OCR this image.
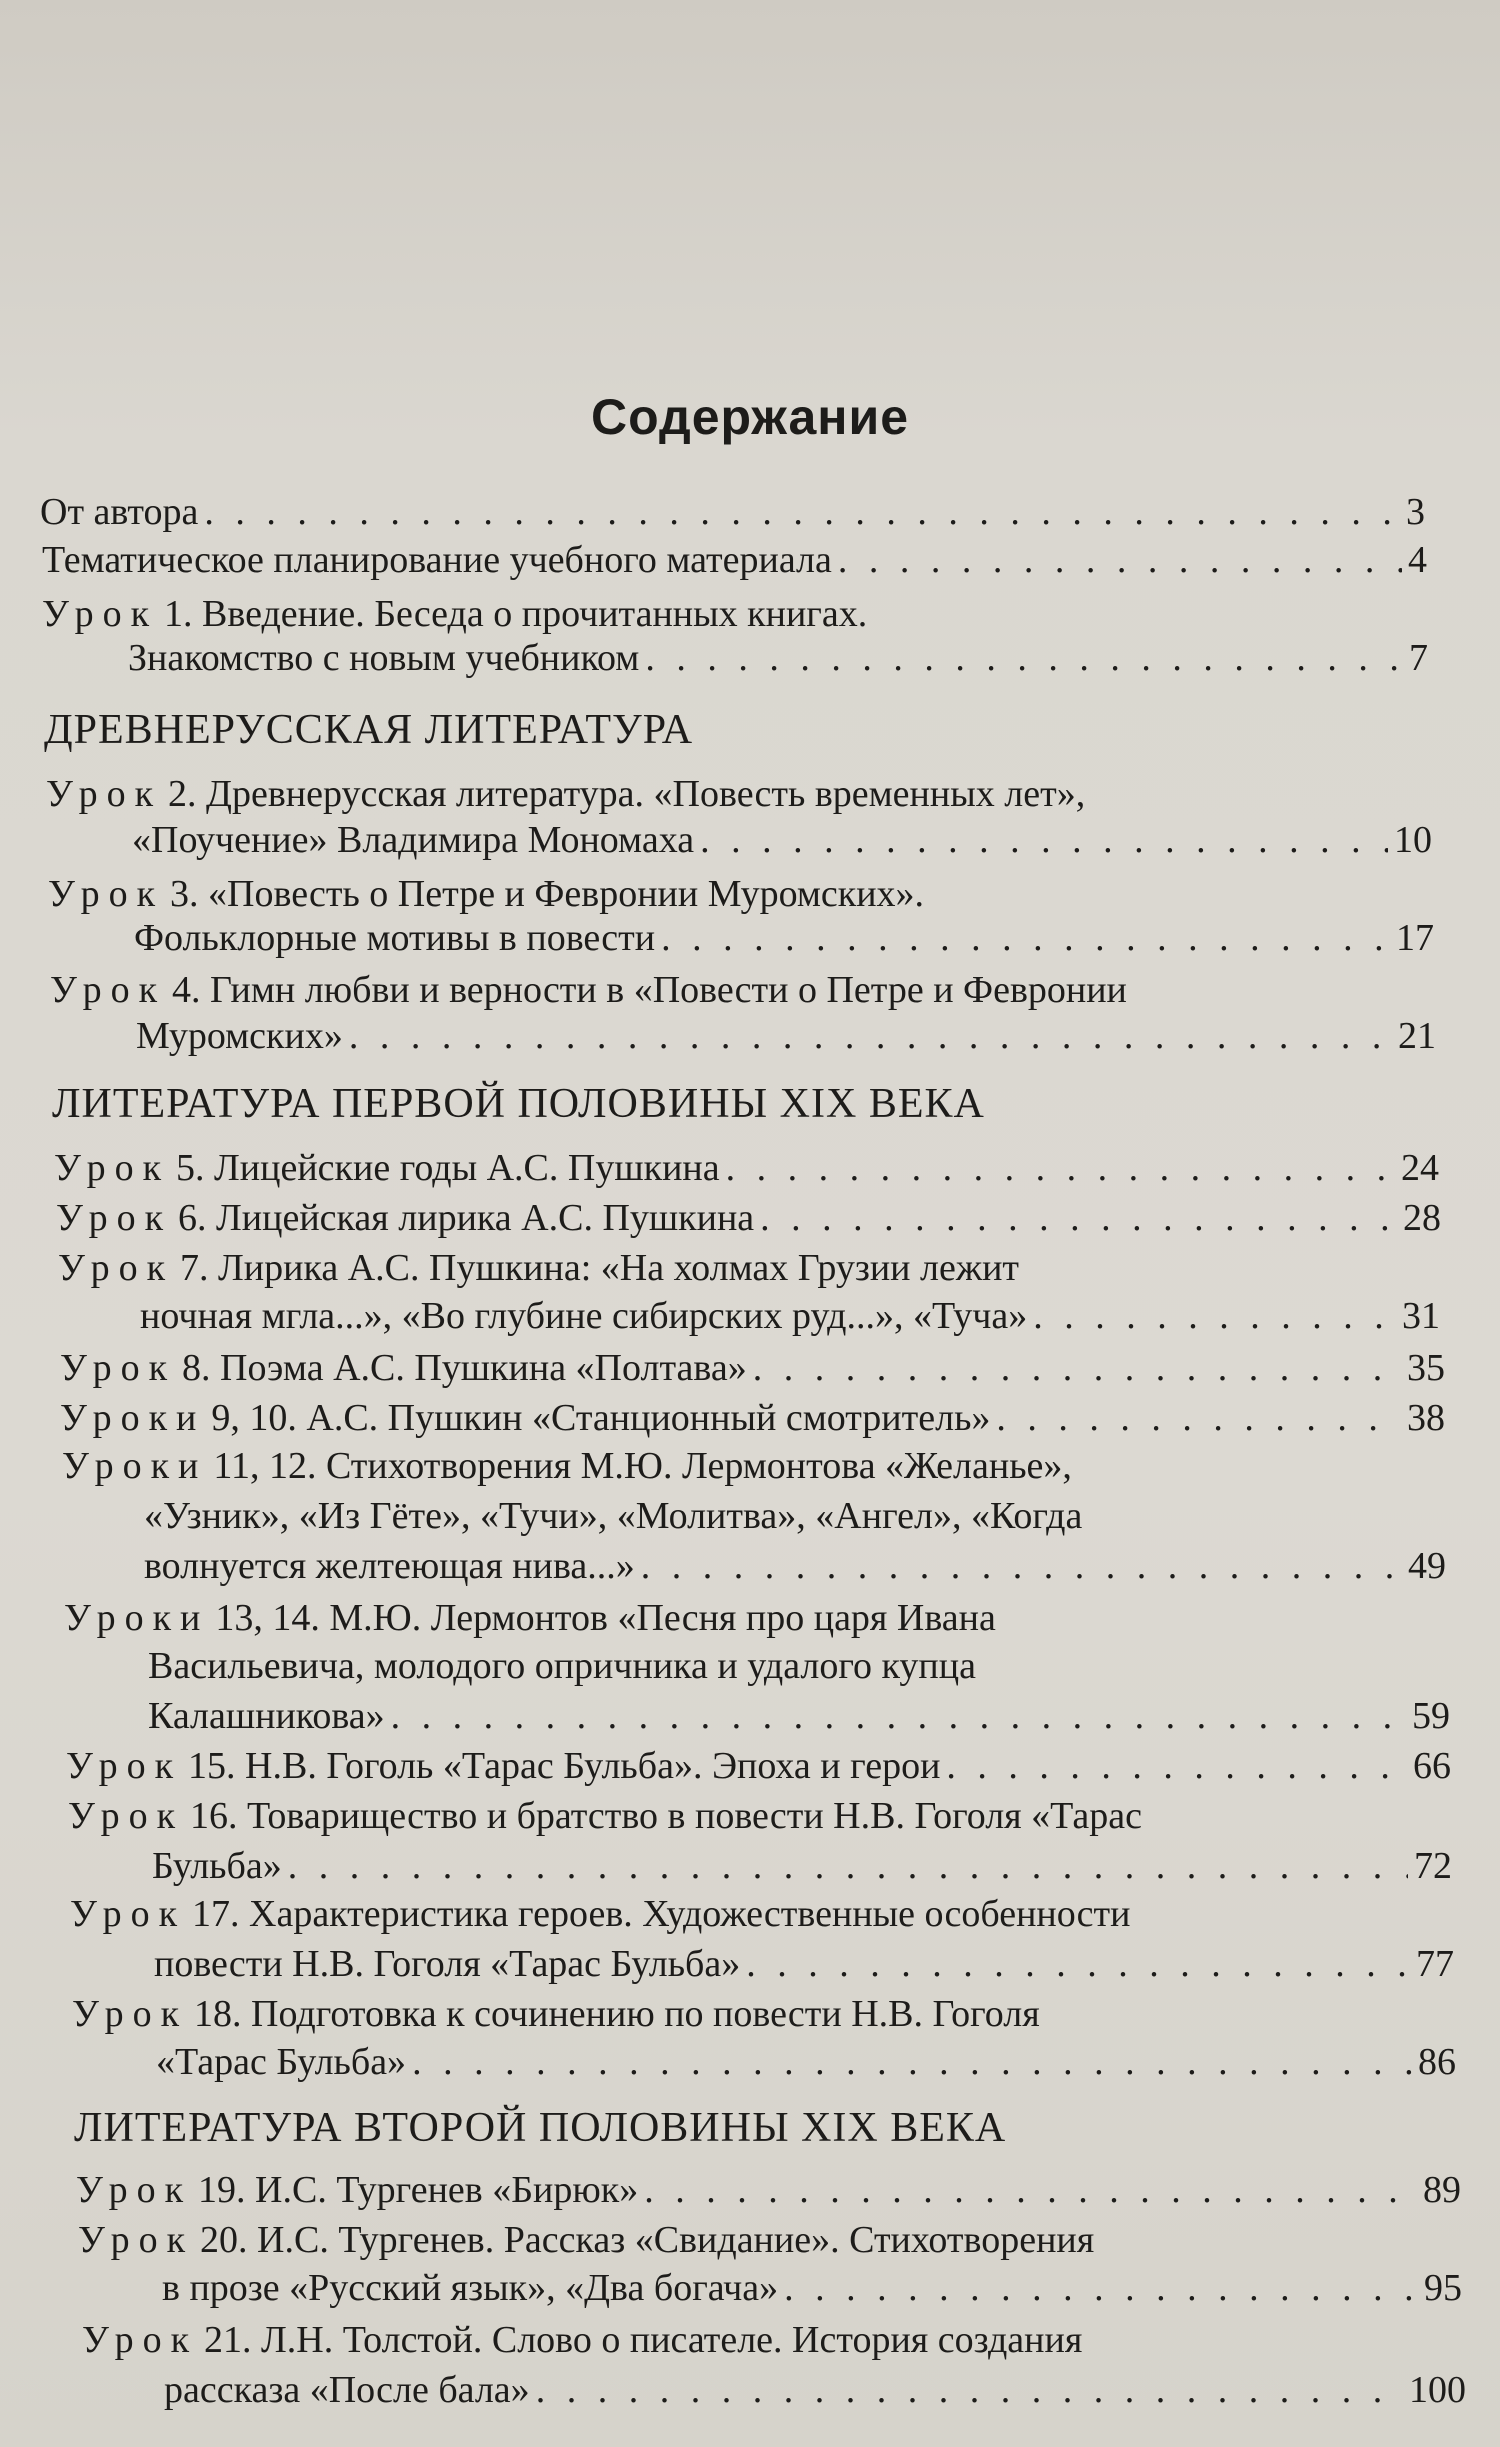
Содержание
От автора . . .	3
Тематическое планирование учебного материала . . .	4
Урок 1. Введение. Беседа о прочитанных книгах.
Знакомство с новым учебником . . .	7
ДРЕВНЕРУССКАЯ ЛИТЕРАТУРА
Урок 2. Древнерусская литература. «Повесть временных лет»,
«Поучение» Владимира Мономаха . . .	10
Урок 3. «Повесть о Петре и Февронии Муромских».
Фольклорные мотивы в повести . . .	17
Урок 4. Гимн любви и верности в «Повести о Петре и Февронии
Муромских» . . .	21
ЛИТЕРАТУРА ПЕРВОЙ ПОЛОВИНЫ XIX ВЕКА
Урок 5. Лицейские годы А.С. Пушкина . . .	24
Урок 6. Лицейская лирика А.С. Пушкина . . .	28
Урок 7. Лирика А.С. Пушкина: «На холмах Грузии лежит
ночная мгла...», «Во глубине сибирских руд...», «Туча» . . .	31
Урок 8. Поэма А.С. Пушкина «Полтава» . . .	35
Уроки 9, 10. А.С. Пушкин «Станционный смотритель» . . .	38
Уроки 11, 12. Стихотворения М.Ю. Лермонтова «Желанье»,
«Узник», «Из Гёте», «Тучи», «Молитва», «Ангел», «Когда
волнуется желтеющая нива...» . . .	49
Уроки 13, 14. М.Ю. Лермонтов «Песня про царя Ивана
Васильевича, молодого опричника и удалого купца
Калашникова» . . .	59
Урок 15. Н.В. Гоголь «Тарас Бульба». Эпоха и герои . . .	66
Урок 16. Товарищество и братство в повести Н.В. Гоголя «Тарас
Бульба» . . .	72
Урок 17. Характеристика героев. Художественные особенности
повести Н.В. Гоголя «Тарас Бульба» . . .	77
Урок 18. Подготовка к сочинению по повести Н.В. Гоголя
«Тарас Бульба» . . .	86
ЛИТЕРАТУРА ВТОРОЙ ПОЛОВИНЫ XIX ВЕКА
Урок 19. И.С. Тургенев «Бирюк» . . .	89
Урок 20. И.С. Тургенев. Рассказ «Свидание». Стихотворения
в прозе «Русский язык», «Два богача» . . .	95
Урок 21. Л.Н. Толстой. Слово о писателе. История создания
рассказа «После бала» . . .	100
